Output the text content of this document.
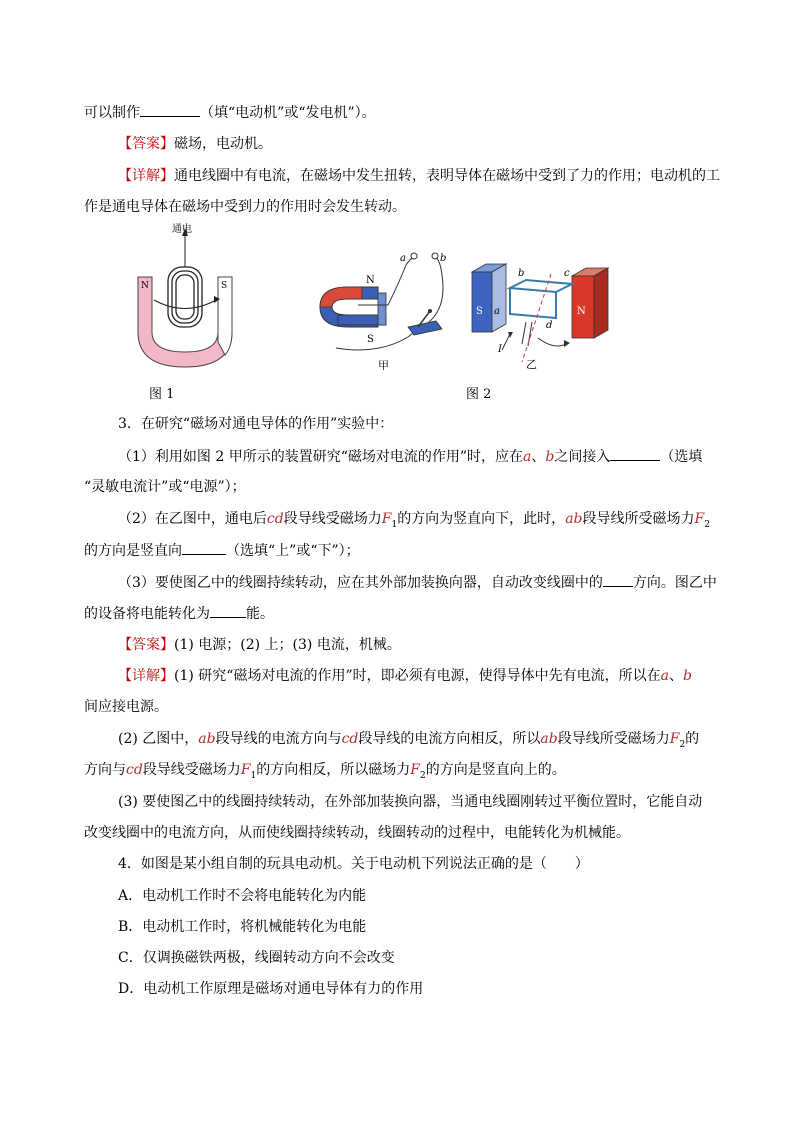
可以制作	（填“电动机”或“发电机”）。
【答案】磁场，电动机。
【详解】通电线圈中有电流，在磁场中发生扭转，表明导体在磁场中受到了力的作用；电动机的工
作是通电导体在磁场中受到力的作用时会发生转动。
N	S
通电
图 1
N
S
a	b
甲
S	N
b	c
a
d
I
乙
图 2
3．在研究“磁场对通电导体的作用”实验中：
（1）利用如图 2 甲所示的装置研究“磁场对电流的作用”时，应在a、b之间接入	（选填
“灵敏电流计”或“电源”）；
（2）在乙图中，通电后cd段导线受磁场力$F_1$的方向为竖直向下，此时，ab段导线所受磁场力$F_2$
的方向是竖直向	（选填“上”或“下”）；
（3）要使图乙中的线圈持续转动，应在其外部加装换向器，自动改变线圈中的 方向。图乙中
的设备将电能转化为	能。
【答案】(1) 电源；(2) 上；(3) 电流，机械。
【详解】(1) 研究“磁场对电流的作用”时，即必须有电源，使得导体中先有电流，所以在a、b
间应接电源。
(2) 乙图中，ab段导线的电流方向与cd段导线的电流方向相反，所以ab段导线所受磁场力$F_2$的
方向与cd段导线受磁场力$F_1$的方向相反，所以磁场力$F_2$的方向是竖直向上的。
(3) 要使图乙中的线圈持续转动，在外部加装换向器，当通电线圈刚转过平衡位置时，它能自动
改变线圈中的电流方向，从而使线圈持续转动，线圈转动的过程中，电能转化为机械能。
4．如图是某小组自制的玩具电动机。关于电动机下列说法正确的是（　　）
A．电动机工作时不会将电能转化为内能
B．电动机工作时，将机械能转化为电能
C．仅调换磁铁两极，线圈转动方向不会改变
D．电动机工作原理是磁场对通电导体有力的作用
